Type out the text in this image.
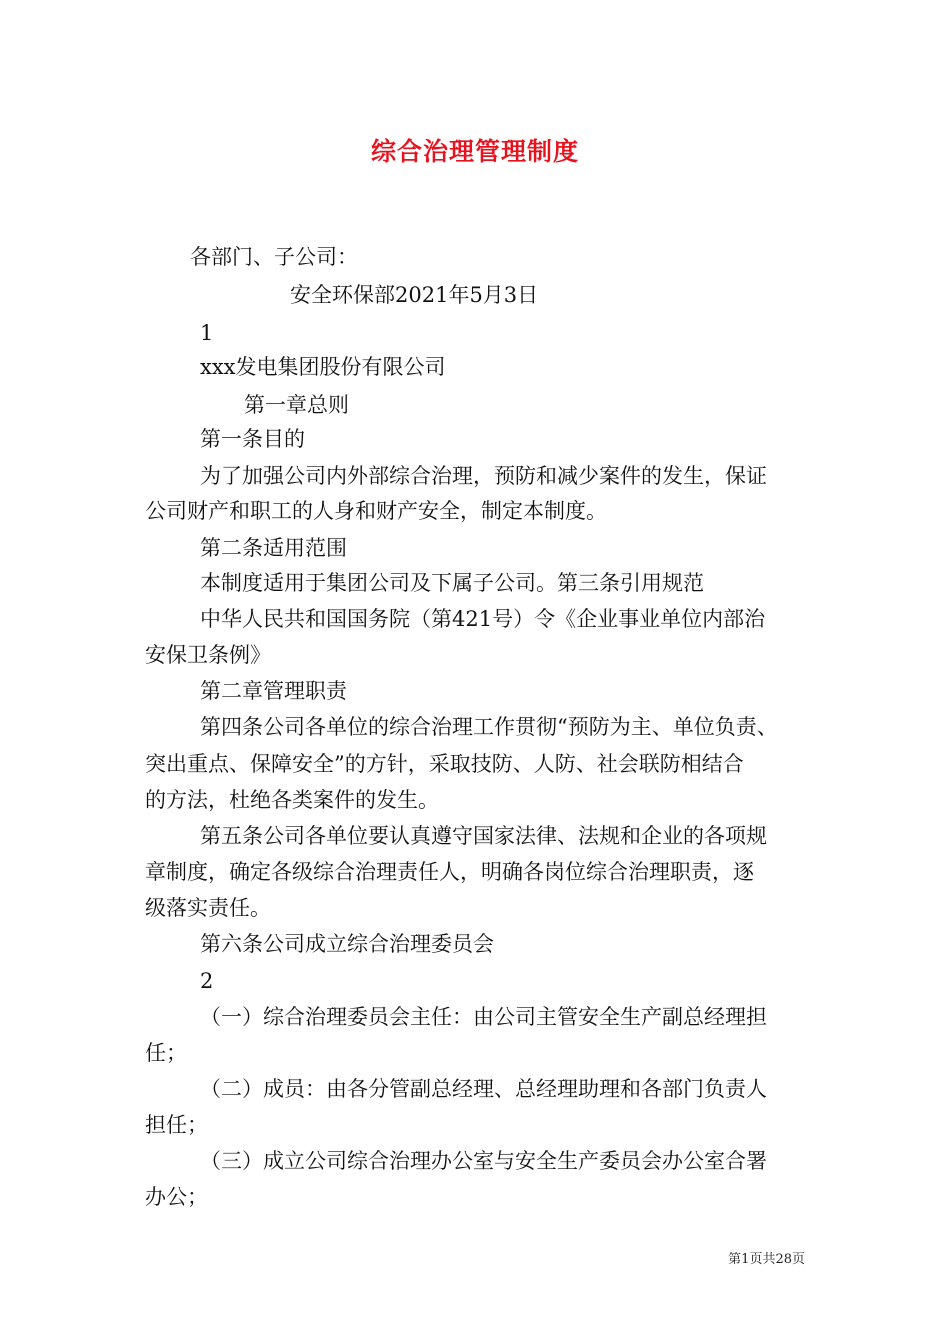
综合治理管理制度
各部门、子公司：
安全环保部2021年5月3日
1
xxx发电集团股份有限公司
第一章总则
第一条目的
为了加强公司内外部综合治理，预防和减少案件的发生，保证
公司财产和职工的人身和财产安全，制定本制度。
第二条适用范围
本制度适用于集团公司及下属子公司。第三条引用规范
中华人民共和国国务院（第421号）令《企业事业单位内部治
安保卫条例》
第二章管理职责
第四条公司各单位的综合治理工作贯彻“预防为主、单位负责、
突出重点、保障安全”的方针，采取技防、人防、社会联防相结合
的方法，杜绝各类案件的发生。
第五条公司各单位要认真遵守国家法律、法规和企业的各项规
章制度，确定各级综合治理责任人，明确各岗位综合治理职责，逐
级落实责任。
第六条公司成立综合治理委员会
2
（一）综合治理委员会主任：由公司主管安全生产副总经理担
任；
（二）成员：由各分管副总经理、总经理助理和各部门负责人
担任；
（三）成立公司综合治理办公室与安全生产委员会办公室合署
办公；
第1页共28页
